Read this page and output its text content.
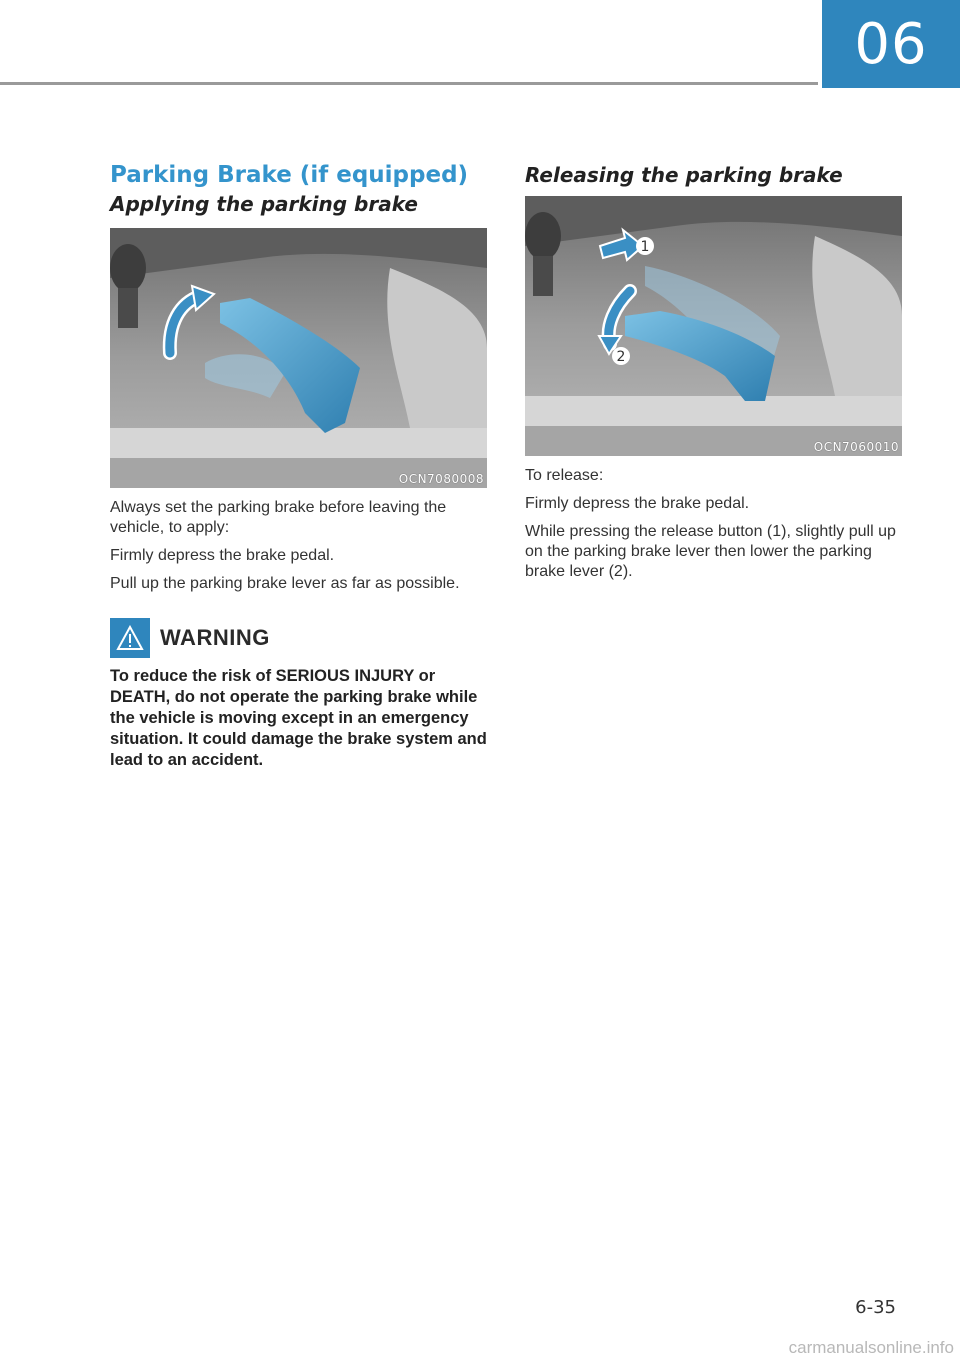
06
Parking Brake (if equipped)
Applying the parking brake
OCN7080008

Always set the parking brake before leaving the vehicle, to apply:

Firmly depress the brake pedal.

Pull up the parking brake lever as far as possible.

WARNING

To reduce the risk of SERIOUS INJURY or DEATH, do not operate the parking brake while the vehicle is moving except in an emergency situation. It could damage the brake system and lead to an accident.

Releasing the parking brake
1
2
OCN7060010

To release:

Firmly depress the brake pedal.

While pressing the release button (1), slightly pull up on the parking brake lever then lower the parking brake lever (2).

6-35
carmanualsonline.info
